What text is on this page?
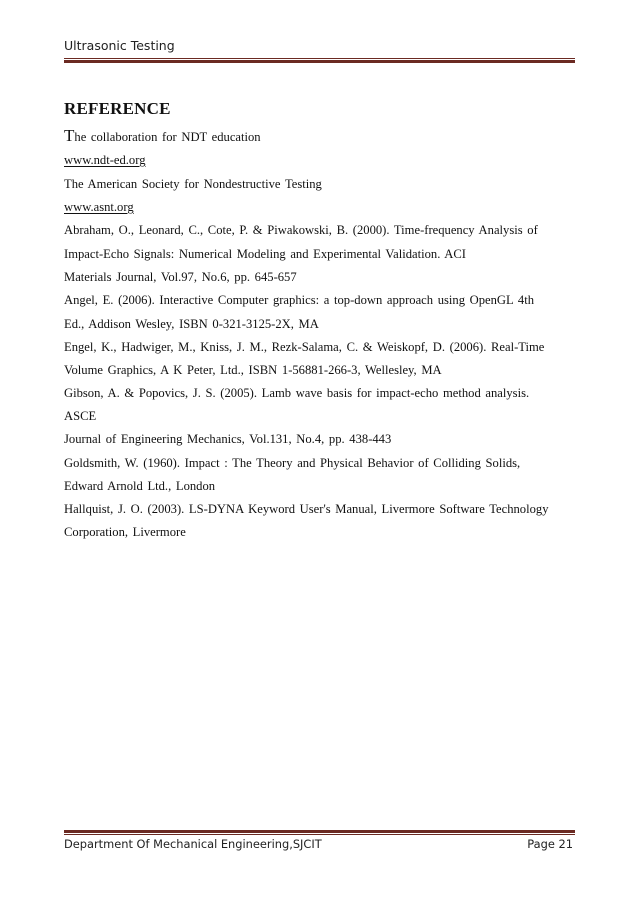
Ultrasonic Testing
REFERENCE
The collaboration for NDT education
www.ndt-ed.org
The American Society for Nondestructive Testing
www.asnt.org
Abraham, O., Leonard, C., Cote, P. & Piwakowski, B. (2000). Time-frequency Analysis of
Impact-Echo Signals: Numerical Modeling and Experimental Validation. ACI
Materials Journal, Vol.97, No.6, pp. 645-657
Angel, E. (2006). Interactive Computer graphics: a top-down approach using OpenGL 4th
Ed., Addison Wesley, ISBN 0-321-3125-2X, MA
Engel, K., Hadwiger, M., Kniss, J. M., Rezk-Salama, C. & Weiskopf, D. (2006). Real-Time
Volume Graphics, A K Peter, Ltd., ISBN 1-56881-266-3, Wellesley, MA
Gibson, A. & Popovics, J. S. (2005). Lamb wave basis for impact-echo method analysis.
ASCE
Journal of Engineering Mechanics, Vol.131, No.4, pp. 438-443
Goldsmith, W. (1960). Impact : The Theory and Physical Behavior of Colliding Solids,
Edward Arnold Ltd., London
Hallquist, J. O. (2003). LS-DYNA Keyword User's Manual, Livermore Software Technology
Corporation, Livermore
Department Of Mechanical Engineering,SJCIT	Page 21
